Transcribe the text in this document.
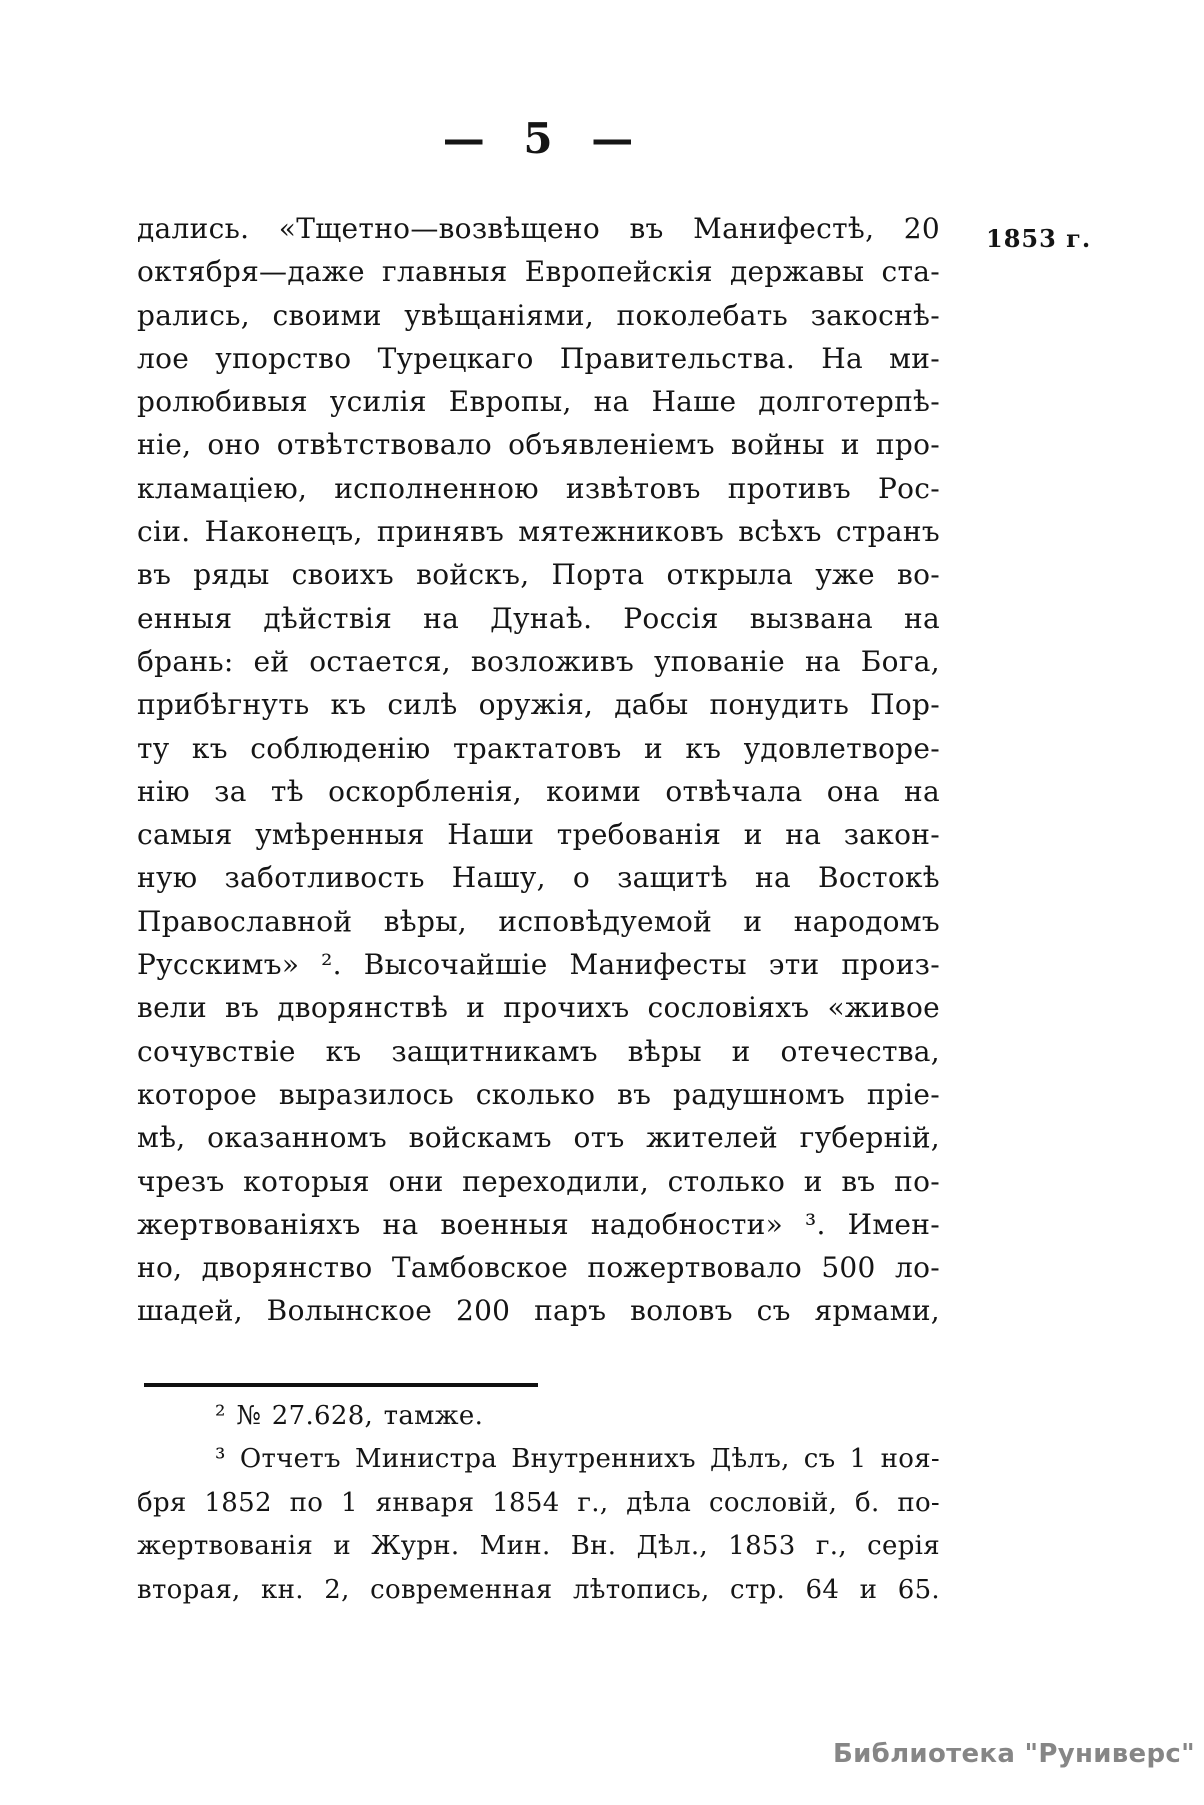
— 5 —
1853 г.
дались. «Тщетно—возвѣщено въ Манифестѣ, 20
октября—даже главныя Европейскія державы ста-
рались, своими увѣщаніями, поколебать закоснѣ-
лое упорство Турецкаго Правительства. На ми-
ролюбивыя усилія Европы, на Наше долготерпѣ-
ніе, оно отвѣтствовало объявленіемъ войны и про-
кламаціею, исполненною извѣтовъ противъ Рос-
сіи. Наконецъ, принявъ мятежниковъ всѣхъ странъ
въ ряды своихъ войскъ, Порта открыла уже во-
енныя дѣйствія на Дунаѣ. Россія вызвана на
брань: ей остается, возложивъ упованіе на Бога,
прибѣгнуть къ силѣ оружія, дабы понудить Пор-
ту къ соблюденію трактатовъ и къ удовлетворе-
нію за тѣ оскорбленія, коими отвѣчала она на
самыя умѣренныя Наши требованія и на закон-
ную заботливость Нашу, о защитѣ на Востокѣ
Православной вѣры, исповѣдуемой и народомъ
Русскимъ» ². Высочайшіе Манифесты эти произ-
вели въ дворянствѣ и прочихъ сословіяхъ «живое
сочувствіе къ защитникамъ вѣры и отечества,
которое выразилось сколько въ радушномъ пріе-
мѣ, оказанномъ войскамъ отъ жителей губерній,
чрезъ которыя они переходили, столько и въ по-
жертвованіяхъ на военныя надобности» ³. Имен-
но, дворянство Тамбовское пожертвовало 500 ло-
шадей, Волынское 200 паръ воловъ съ ярмами,
² № 27.628, тамже.
³ Отчетъ Министра Внутреннихъ Дѣлъ, съ 1 ноя-
бря 1852 по 1 января 1854 г., дѣла сословій, б. по-
жертвованія и Журн. Мин. Вн. Дѣл., 1853 г., серія
вторая, кн. 2, современная лѣтопись, стр. 64 и 65.
Библиотека "Руниверс"
